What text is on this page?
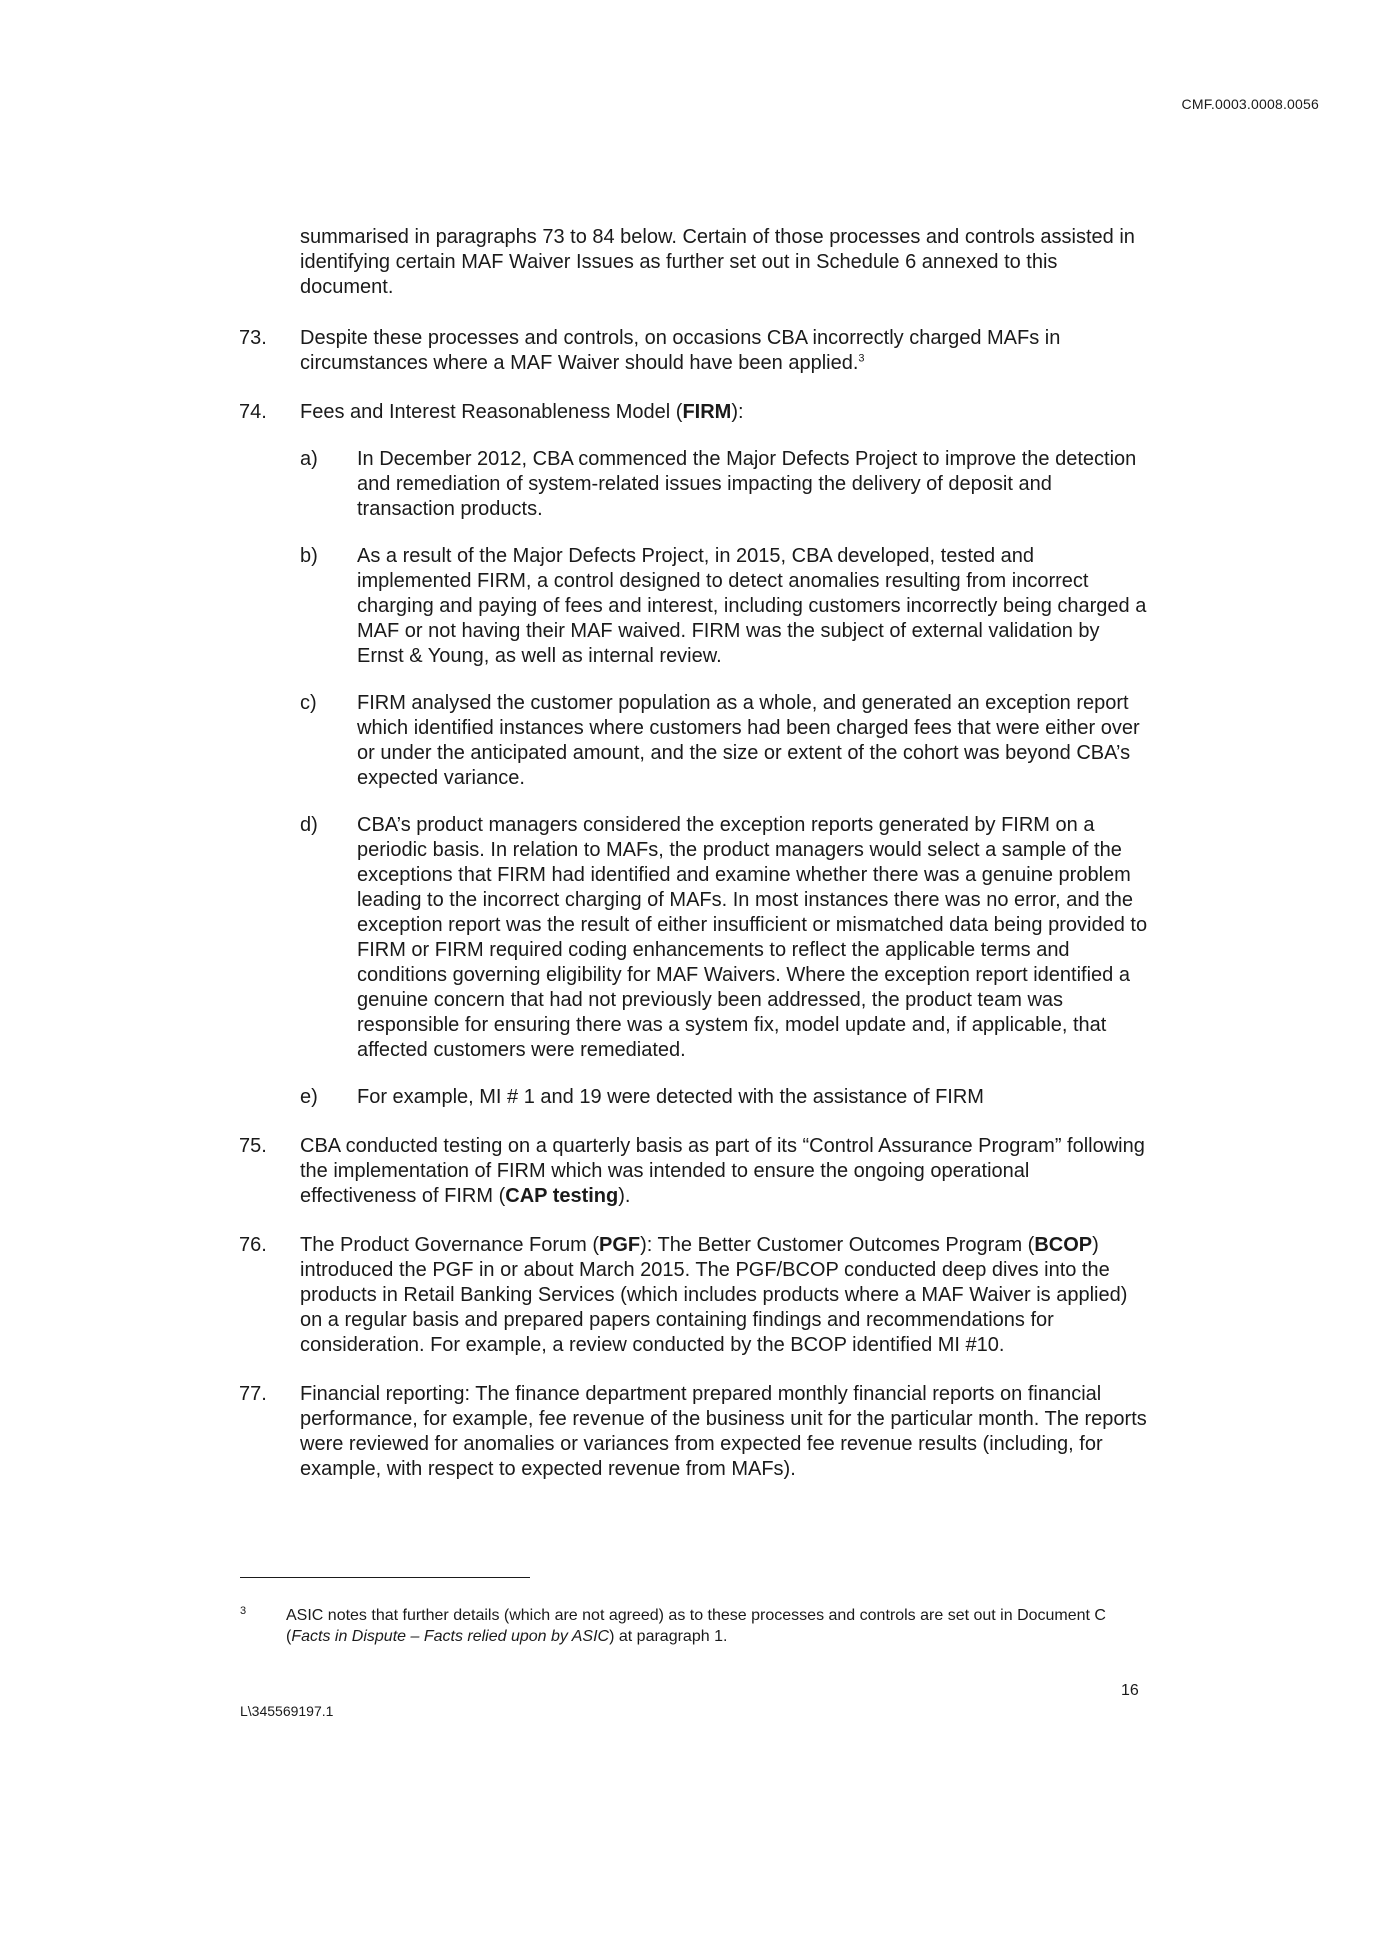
CMF.0003.0008.0056

summarised in paragraphs 73 to 84 below. Certain of those processes and controls assisted in identifying certain MAF Waiver Issues as further set out in Schedule 6 annexed to this document.

73. Despite these processes and controls, on occasions CBA incorrectly charged MAFs in circumstances where a MAF Waiver should have been applied.$^3$
74. Fees and Interest Reasonableness Model (FIRM):
a) In December 2012, CBA commenced the Major Defects Project to improve the detection and remediation of system-related issues impacting the delivery of deposit and transaction products.

b) As a result of the Major Defects Project, in 2015, CBA developed, tested and implemented FIRM, a control designed to detect anomalies resulting from incorrect charging and paying of fees and interest, including customers incorrectly being charged a MAF or not having their MAF waived. FIRM was the subject of external validation by Ernst & Young, as well as internal review.

c) FIRM analysed the customer population as a whole, and generated an exception report which identified instances where customers had been charged fees that were either over or under the anticipated amount, and the size or extent of the cohort was beyond CBA’s expected variance.

d) CBA’s product managers considered the exception reports generated by FIRM on a periodic basis. In relation to MAFs, the product managers would select a sample of the exceptions that FIRM had identified and examine whether there was a genuine problem leading to the incorrect charging of MAFs. In most instances there was no error, and the exception report was the result of either insufficient or mismatched data being provided to FIRM or FIRM required coding enhancements to reflect the applicable terms and conditions governing eligibility for MAF Waivers. Where the exception report identified a genuine concern that had not previously been addressed, the product team was responsible for ensuring there was a system fix, model update and, if applicable, that affected customers were remediated.

e) For example, MI # 1 and 19 were detected with the assistance of FIRM

75. CBA conducted testing on a quarterly basis as part of its “Control Assurance Program” following the implementation of FIRM which was intended to ensure the ongoing operational effectiveness of FIRM (CAP testing).
76. The Product Governance Forum (PGF): The Better Customer Outcomes Program (BCOP) introduced the PGF in or about March 2015. The PGF/BCOP conducted deep dives into the products in Retail Banking Services (which includes products where a MAF Waiver is applied) on a regular basis and prepared papers containing findings and recommendations for consideration. For example, a review conducted by the BCOP identified MI #10.
77. Financial reporting: The finance department prepared monthly financial reports on financial performance, for example, fee revenue of the business unit for the particular month. The reports were reviewed for anomalies or variances from expected fee revenue results (including, for example, with respect to expected revenue from MAFs).
3 ASIC notes that further details (which are not agreed) as to these processes and controls are set out in Document C (Facts in Dispute – Facts relied upon by ASIC) at paragraph 1.
16
L\345569197.1
